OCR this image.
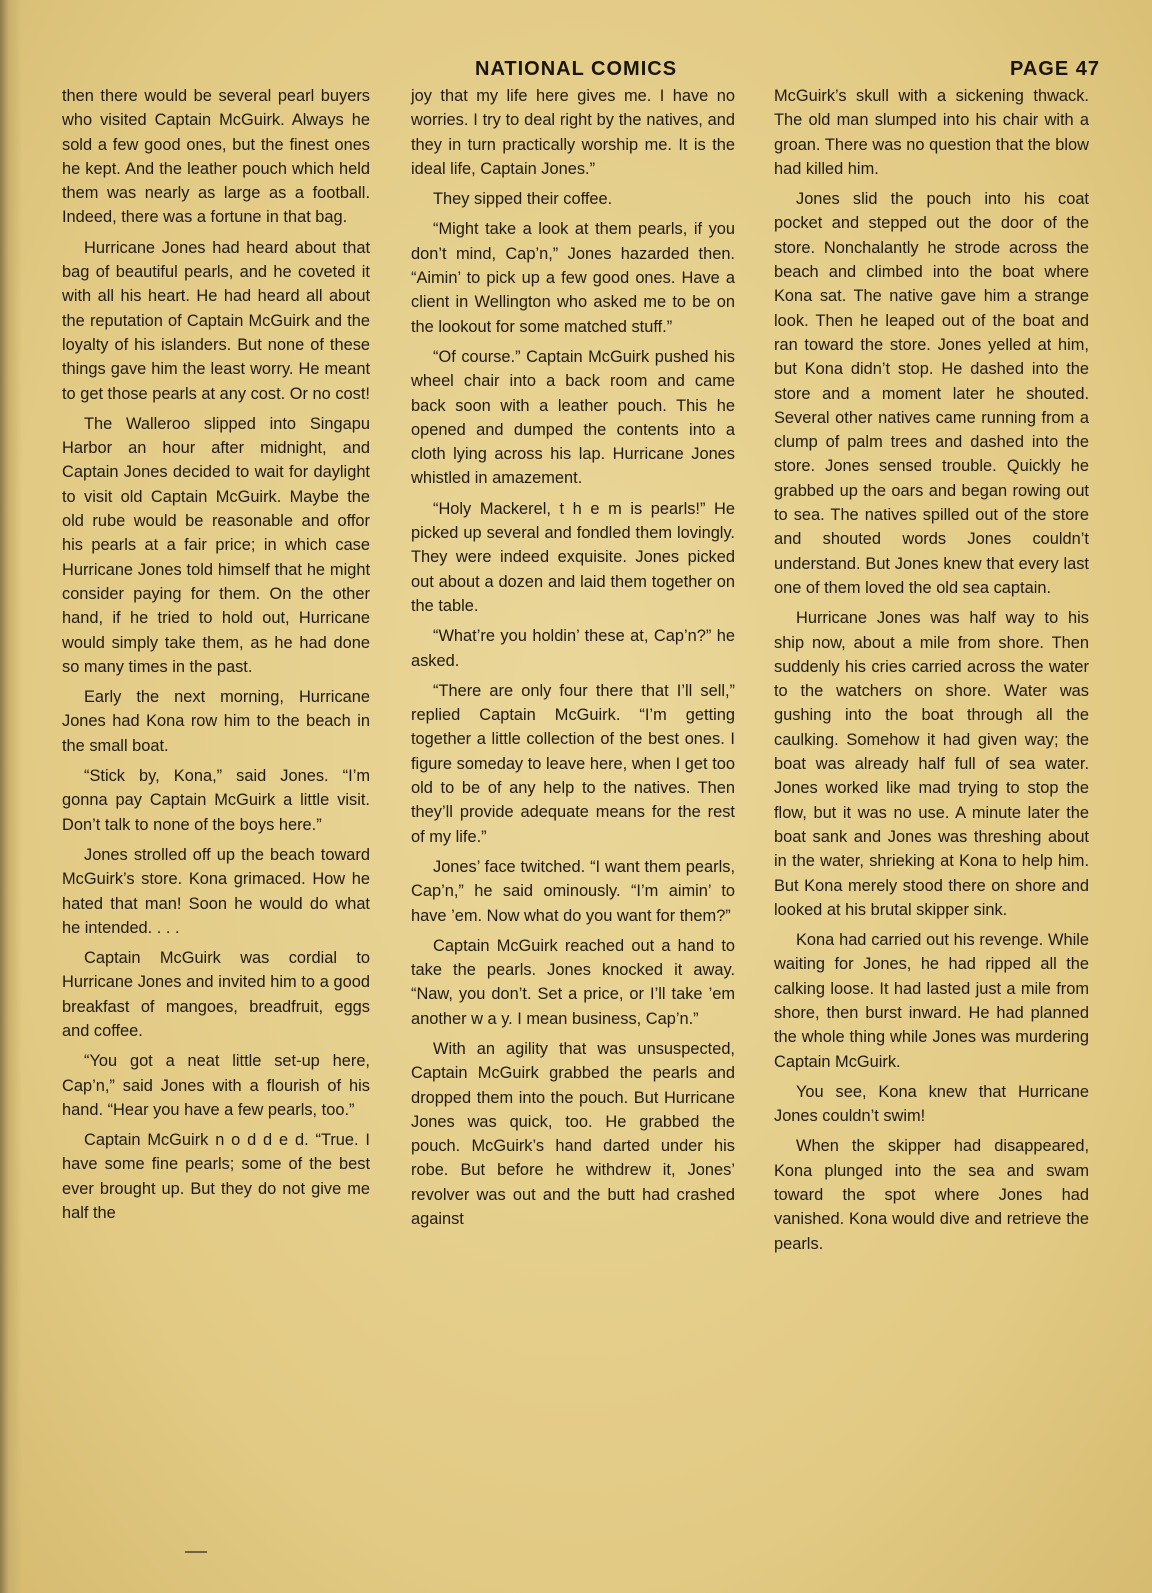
NATIONAL COMICS	PAGE 47

then there would be several pearl buyers who visited Captain McGuirk. Always he sold a few good ones, but the finest ones he kept. And the leather pouch which held them was nearly as large as a football. Indeed, there was a fortune in that bag.

Hurricane Jones had heard about that bag of beautiful pearls, and he coveted it with all his heart. He had heard all about the reputation of Captain McGuirk and the loyalty of his islanders. But none of these things gave him the least worry. He meant to get those pearls at any cost. Or no cost!

The Walleroo slipped into Singapu Harbor an hour after midnight, and Captain Jones decided to wait for daylight to visit old Captain McGuirk. Maybe the old rube would be reasonable and offor his pearls at a fair price; in which case Hurricane Jones told himself that he might consider paying for them. On the other hand, if he tried to hold out, Hurricane would simply take them, as he had done so many times in the past.

Early the next morning, Hurricane Jones had Kona row him to the beach in the small boat.

“Stick by, Kona,” said Jones. “I’m gonna pay Captain McGuirk a little visit. Don’t talk to none of the boys here.”

Jones strolled off up the beach toward McGuirk’s store. Kona grimaced. How he hated that man! Soon he would do what he intended. . . .

Captain McGuirk was cordial to Hurricane Jones and invited him to a good breakfast of mangoes, breadfruit, eggs and coffee.

“You got a neat little set-up here, Cap’n,” said Jones with a flourish of his hand. “Hear you have a few pearls, too.”

Captain McGuirk n o d d e d. “True. I have some fine pearls; some of the best ever brought up. But they do not give me half the

joy that my life here gives me. I have no worries. I try to deal right by the natives, and they in turn practically worship me. It is the ideal life, Captain Jones.”

They sipped their coffee.

“Might take a look at them pearls, if you don’t mind, Cap’n,” Jones hazarded then. “Aimin’ to pick up a few good ones. Have a client in Wellington who asked me to be on the lookout for some matched stuff.”

“Of course.” Captain McGuirk pushed his wheel chair into a back room and came back soon with a leather pouch. This he opened and dumped the contents into a cloth lying across his lap. Hurricane Jones whistled in amazement.

“Holy Mackerel, t h e m is pearls!” He picked up several and fondled them lovingly. They were indeed exquisite. Jones picked out about a dozen and laid them together on the table.

“What’re you holdin’ these at, Cap’n?” he asked.

“There are only four there that I’ll sell,” replied Captain McGuirk. “I’m getting together a little collection of the best ones. I figure someday to leave here, when I get too old to be of any help to the natives. Then they’ll provide adequate means for the rest of my life.”

Jones’ face twitched. “I want them pearls, Cap’n,” he said ominously. “I’m aimin’ to have ’em. Now what do you want for them?”

Captain McGuirk reached out a hand to take the pearls. Jones knocked it away. “Naw, you don’t. Set a price, or I’ll take ’em another w a y. I mean business, Cap’n.”

With an agility that was unsuspected, Captain McGuirk grabbed the pearls and dropped them into the pouch. But Hurricane Jones was quick, too. He grabbed the pouch. McGuirk’s hand darted under his robe. But before he withdrew it, Jones’ revolver was out and the butt had crashed against

McGuirk’s skull with a sickening thwack. The old man slumped into his chair with a groan. There was no question that the blow had killed him.

Jones slid the pouch into his coat pocket and stepped out the door of the store. Nonchalantly he strode across the beach and climbed into the boat where Kona sat. The native gave him a strange look. Then he leaped out of the boat and ran toward the store. Jones yelled at him, but Kona didn’t stop. He dashed into the store and a moment later he shouted. Several other natives came running from a clump of palm trees and dashed into the store. Jones sensed trouble. Quickly he grabbed up the oars and began rowing out to sea. The natives spilled out of the store and shouted words Jones couldn’t understand. But Jones knew that every last one of them loved the old sea captain.

Hurricane Jones was half way to his ship now, about a mile from shore. Then suddenly his cries carried across the water to the watchers on shore. Water was gushing into the boat through all the caulking. Somehow it had given way; the boat was already half full of sea water. Jones worked like mad trying to stop the flow, but it was no use. A minute later the boat sank and Jones was threshing about in the water, shrieking at Kona to help him. But Kona merely stood there on shore and looked at his brutal skipper sink.

Kona had carried out his revenge. While waiting for Jones, he had ripped all the calking loose. It had lasted just a mile from shore, then burst inward. He had planned the whole thing while Jones was murdering Captain McGuirk.

You see, Kona knew that Hurricane Jones couldn’t swim!

When the skipper had disappeared, Kona plunged into the sea and swam toward the spot where Jones had vanished. Kona would dive and retrieve the pearls.
